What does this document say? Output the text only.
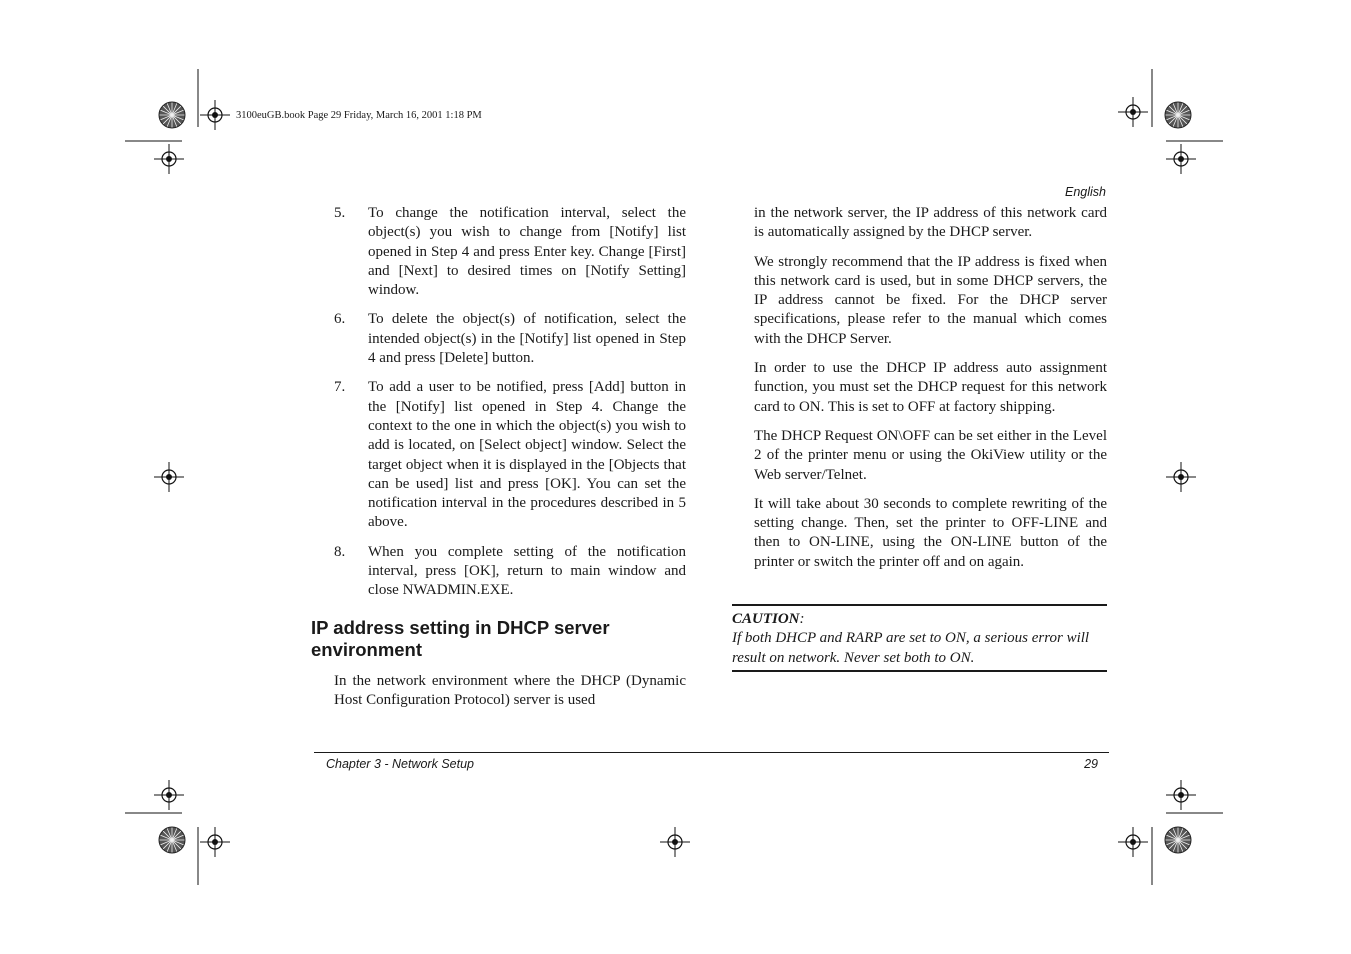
3100euGB.book Page 29 Friday, March 16, 2001 1:18 PM
English
5.	To change the notification interval, select the object(s) you wish to change from [Notify] list opened in Step 4 and press Enter key. Change [First] and [Next] to desired times on [Notify Setting] window.
6.	To delete the object(s) of notification, select the intended object(s) in the [Notify] list opened in Step 4 and press [Delete] button.
7.	To add a user to be notified, press [Add] button in the [Notify] list opened in Step 4. Change the context to the one in which the object(s) you wish to add is located, on [Select object] window. Select the target object when it is displayed in the [Objects that can be used] list and press [OK]. You can set the notification interval in the procedures described in 5 above.
8.	When you complete setting of the notification interval, press [OK], return to main window and close NWADMIN.EXE.
IP address setting in DHCP server environment
In the network environment where the DHCP (Dynamic Host Configuration Protocol) server is used

in the network server, the IP address of this network card is automatically assigned by the DHCP server.

We strongly recommend that the IP address is fixed when this network card is used, but in some DHCP servers, the IP address cannot be fixed. For the DHCP server specifications, please refer to the manual which comes with the DHCP Server.

In order to use the DHCP IP address auto assignment function, you must set the DHCP request for this network card to ON. This is set to OFF at factory shipping.

The DHCP Request ON\OFF can be set either in the Level 2 of the printer menu or using the OkiView utility or the Web server/Telnet.

It will take about 30 seconds to complete rewriting of the setting change. Then, set the printer to OFF-LINE and then to ON-LINE, using the ON-LINE button of the printer or switch the printer off and on again.

CAUTION:
If both DHCP and RARP are set to ON, a serious error will result on network. Never set both to ON.
Chapter 3 - Network Setup	29
